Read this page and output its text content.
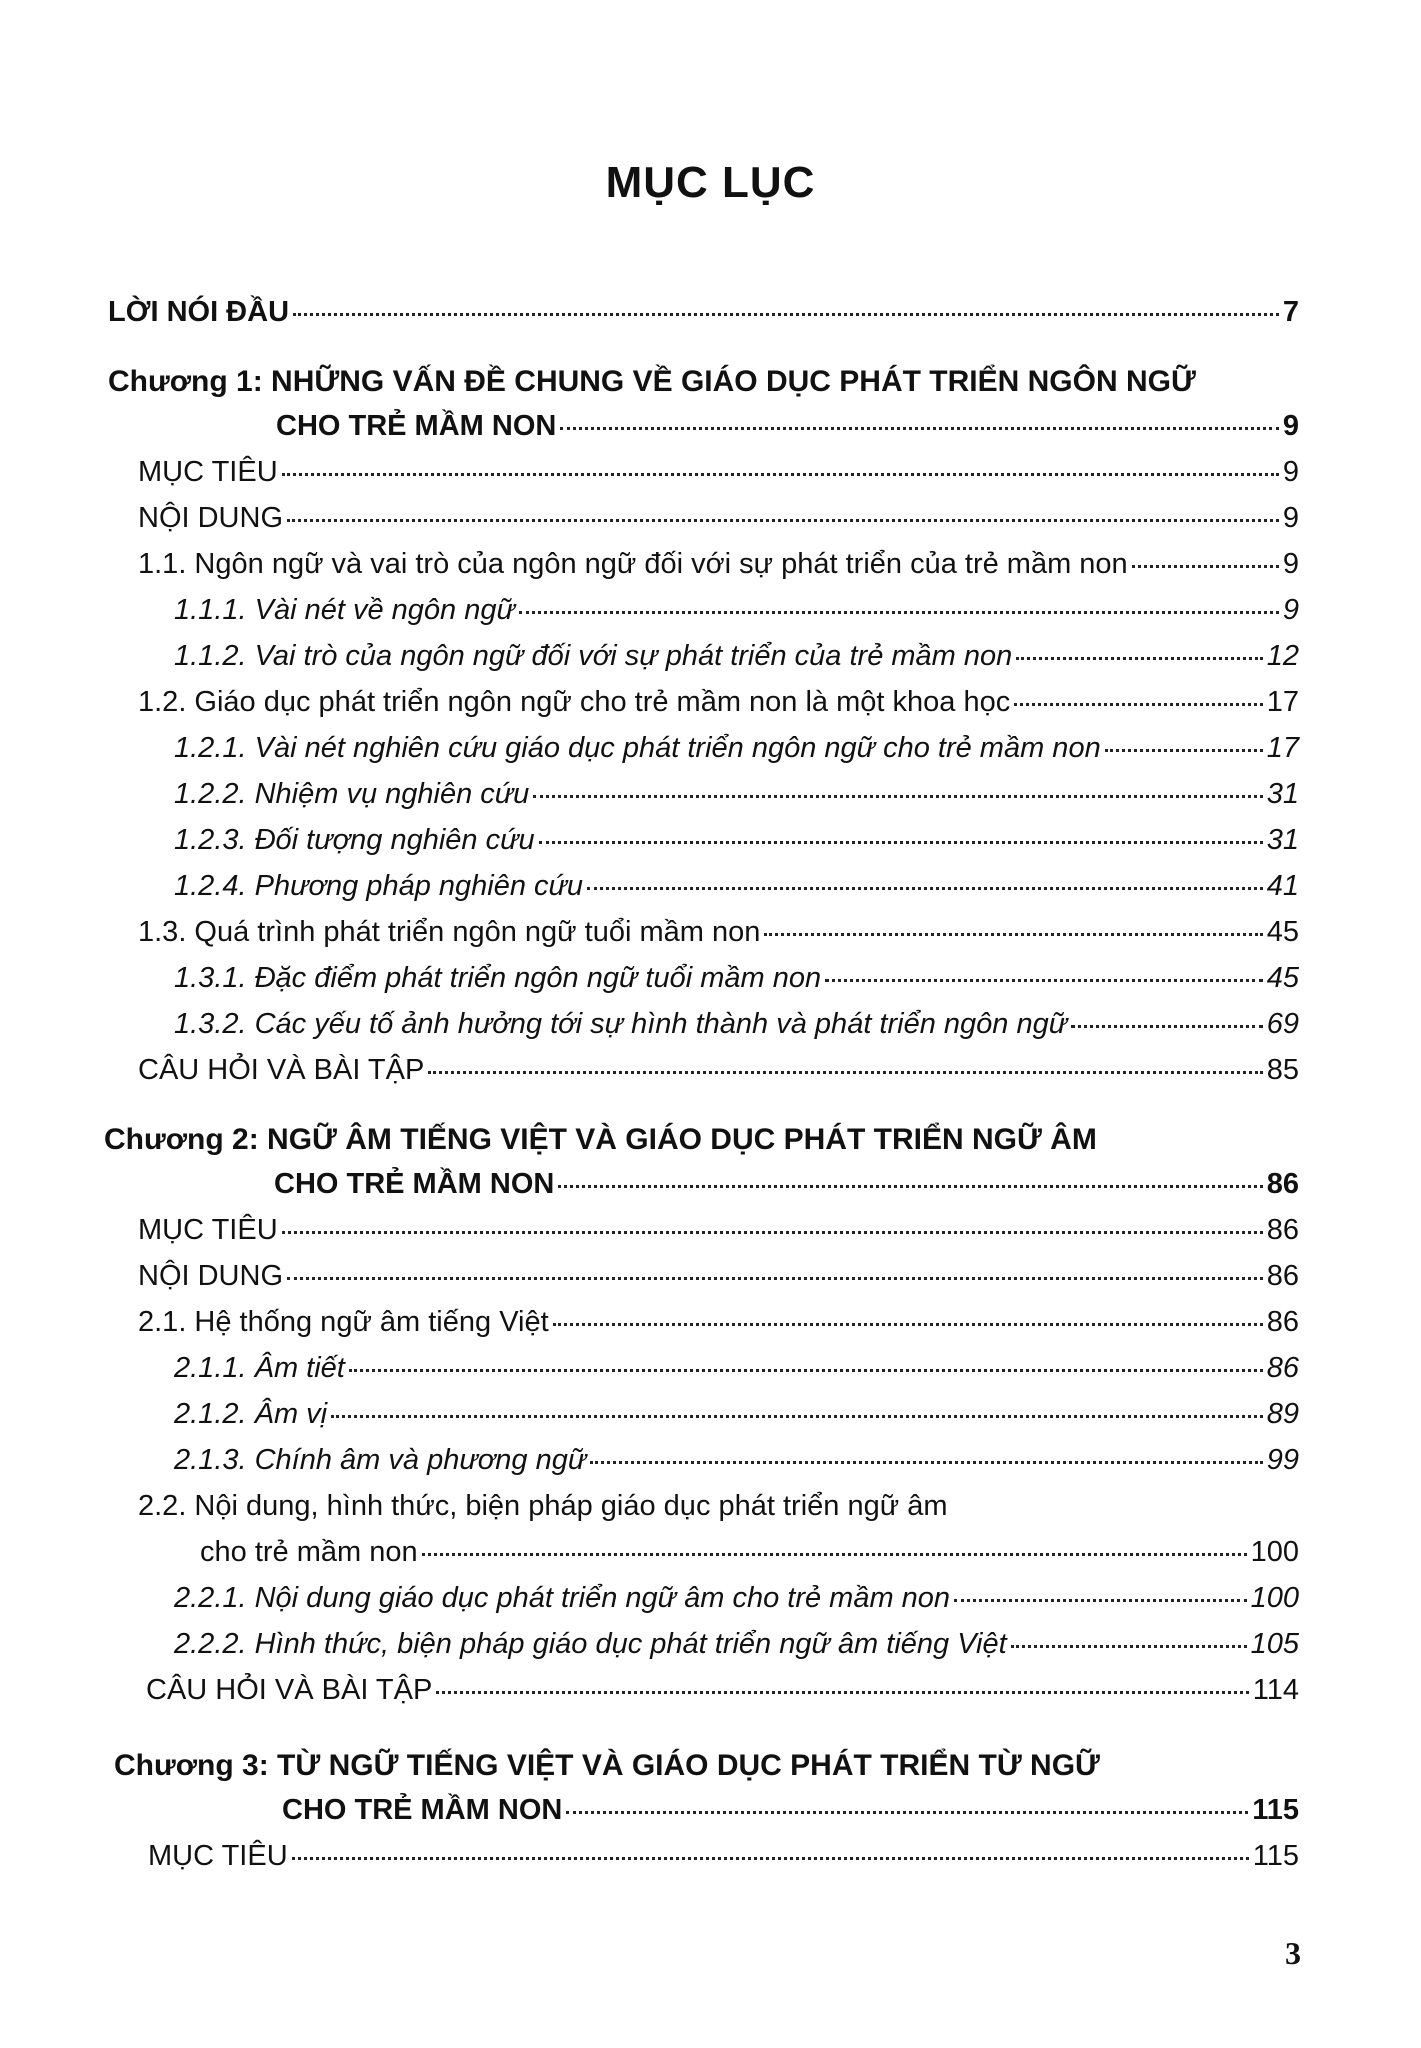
MỤC LỤC
LỜI NÓI ĐẦU	7
Chương 1: NHỮNG VẤN ĐỀ CHUNG VỀ GIÁO DỤC PHÁT TRIỂN NGÔN NGỮ
CHO TRẺ MẦM NON	9
MỤC TIÊU	9
NỘI DUNG	9
1.1. Ngôn ngữ và vai trò của ngôn ngữ đối với sự phát triển của trẻ mầm non	9
1.1.1. Vài nét về ngôn ngữ	9
1.1.2. Vai trò của ngôn ngữ đối với sự phát triển của trẻ mầm non	12
1.2. Giáo dục phát triển ngôn ngữ cho trẻ mầm non là một khoa học	17
1.2.1. Vài nét nghiên cứu giáo dục phát triển ngôn ngữ cho trẻ mầm non	17
1.2.2. Nhiệm vụ nghiên cứu	31
1.2.3. Đối tượng nghiên cứu	31
1.2.4. Phương pháp nghiên cứu	41
1.3. Quá trình phát triển ngôn ngữ tuổi mầm non	45
1.3.1. Đặc điểm phát triển ngôn ngữ tuổi mầm non	45
1.3.2. Các yếu tố ảnh hưởng tới sự hình thành và phát triển ngôn ngữ	69
CÂU HỎI VÀ BÀI TẬP	85
Chương 2: NGỮ ÂM TIẾNG VIỆT VÀ GIÁO DỤC PHÁT TRIỂN NGỮ ÂM
CHO TRẺ MẦM NON	86
MỤC TIÊU	86
NỘI DUNG	86
2.1. Hệ thống ngữ âm tiếng Việt	86
2.1.1. Âm tiết	86
2.1.2. Âm vị	89
2.1.3. Chính âm và phương ngữ	99
2.2. Nội dung, hình thức, biện pháp giáo dục phát triển ngữ âm
cho trẻ mầm non	100
2.2.1. Nội dung giáo dục phát triển ngữ âm cho trẻ mầm non	100
2.2.2. Hình thức, biện pháp giáo dục phát triển ngữ âm tiếng Việt	105
CÂU HỎI VÀ BÀI TẬP	114
Chương 3: TỪ NGỮ TIẾNG VIỆT VÀ GIÁO DỤC PHÁT TRIỂN TỪ NGỮ
CHO TRẺ MẦM NON	115
MỤC TIÊU	115
3
